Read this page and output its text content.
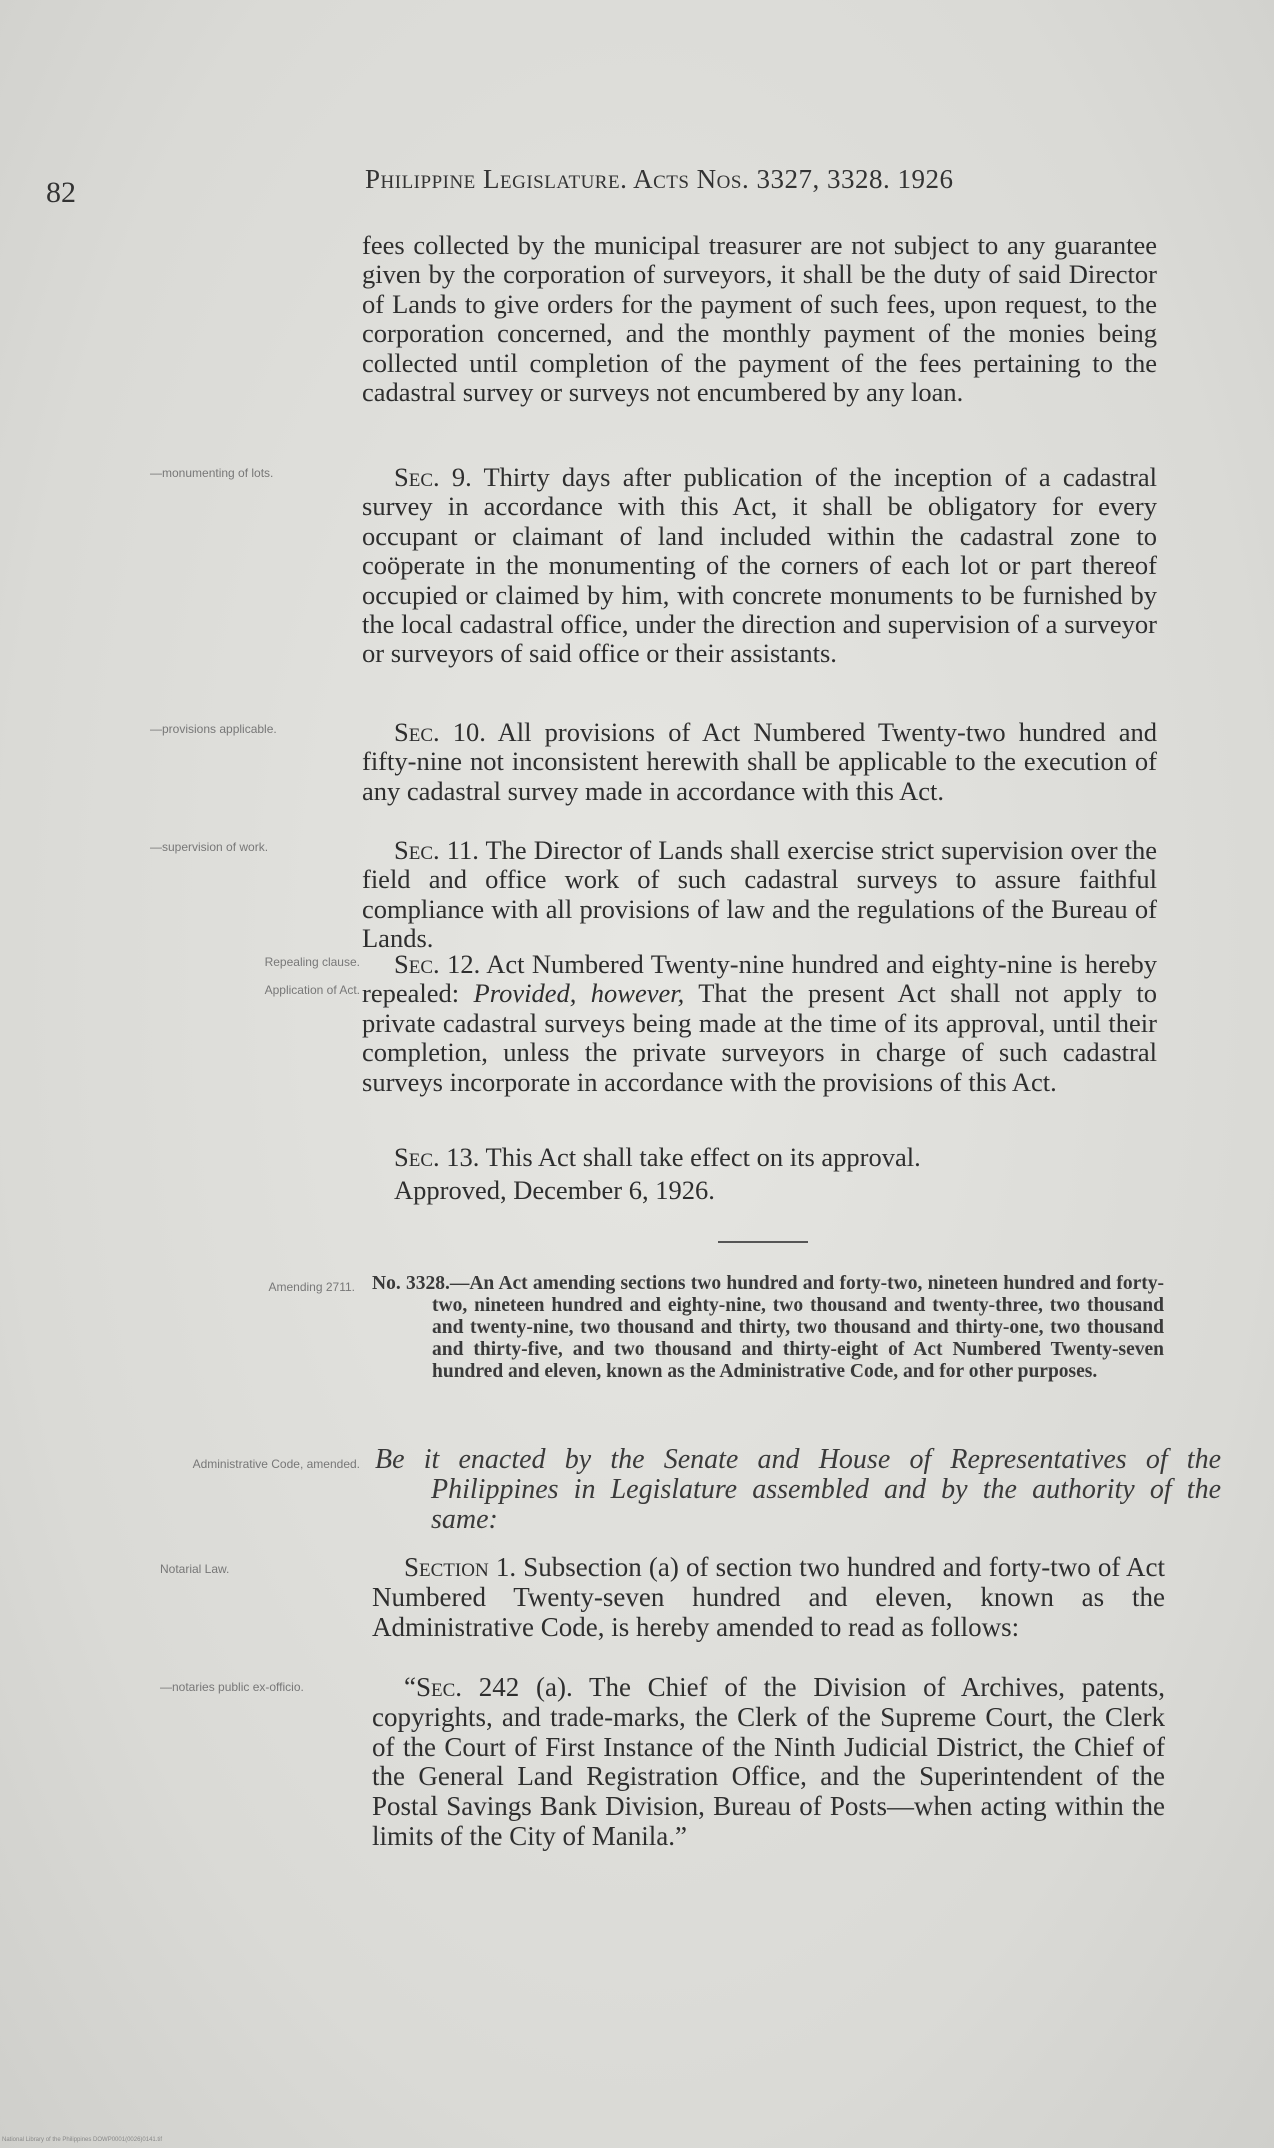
82	Philippine Legislature. Acts Nos. 3327, 3328. 1926

fees collected by the municipal treasurer are not subject to any guarantee given by the corporation of surveyors, it shall be the duty of said Director of Lands to give orders for the payment of such fees, upon request, to the corporation concerned, and the monthly payment of the monies being collected until completion of the payment of the fees pertaining to the cadastral survey or surveys not encumbered by any loan.

—monumenting of lots.	Sec. 9. Thirty days after publication of the inception of a cadastral survey in accordance with this Act, it shall be obligatory for every occupant or claimant of land included within the cadastral zone to coöperate in the monumenting of the corners of each lot or part thereof occupied or claimed by him, with concrete monuments to be furnished by the local cadastral office, under the direction and supervision of a surveyor or surveyors of said office or their assistants.

—provisions applicable.	Sec. 10. All provisions of Act Numbered Twenty-two hundred and fifty-nine not inconsistent herewith shall be applicable to the execution of any cadastral survey made in accordance with this Act.

—supervision of work.	Sec. 11. The Director of Lands shall exercise strict supervision over the field and office work of such cadastral surveys to assure faithful compliance with all provisions of law and the regulations of the Bureau of Lands.

Repealing clause.
Application of Act.

Sec. 12. Act Numbered Twenty-nine hundred and eighty-nine is hereby repealed: Provided, however, That the present Act shall not apply to private cadastral surveys being made at the time of its approval, until their completion, unless the private surveyors in charge of such cadastral surveys incorporate in accordance with the provisions of this Act.

Sec. 13. This Act shall take effect on its approval.

Approved, December 6, 1926.

Amending 2711. No. 3328.—An Act amending sections two hundred and forty-two, nineteen hundred and forty-two, nineteen hundred and eighty-nine, two thousand and twenty-three, two thousand and twenty-nine, two thousand and thirty, two thousand and thirty-one, two thousand and thirty-five, and two thousand and thirty-eight of Act Numbered Twenty-seven hundred and eleven, known as the Administrative Code, and for other purposes.
Administrative Code, amended. Be it enacted by the Senate and House of Representatives of the Philippines in Legislature assembled and by the authority of the same:
Notarial Law.	Section 1. Subsection (a) of section two hundred and forty-two of Act Numbered Twenty-seven hundred and eleven, known as the Administrative Code, is hereby amended to read as follows:

—notaries public ex-officio.	“Sec. 242 (a). The Chief of the Division of Archives, patents, copyrights, and trade-marks, the Clerk of the Supreme Court, the Clerk of the Court of First Instance of the Ninth Judicial District, the Chief of the General Land Registration Office, and the Superintendent of the Postal Savings Bank Division, Bureau of Posts—when acting within the limits of the City of Manila.”

National Library of the Philippines DOWP0001(0026)0141.tif
